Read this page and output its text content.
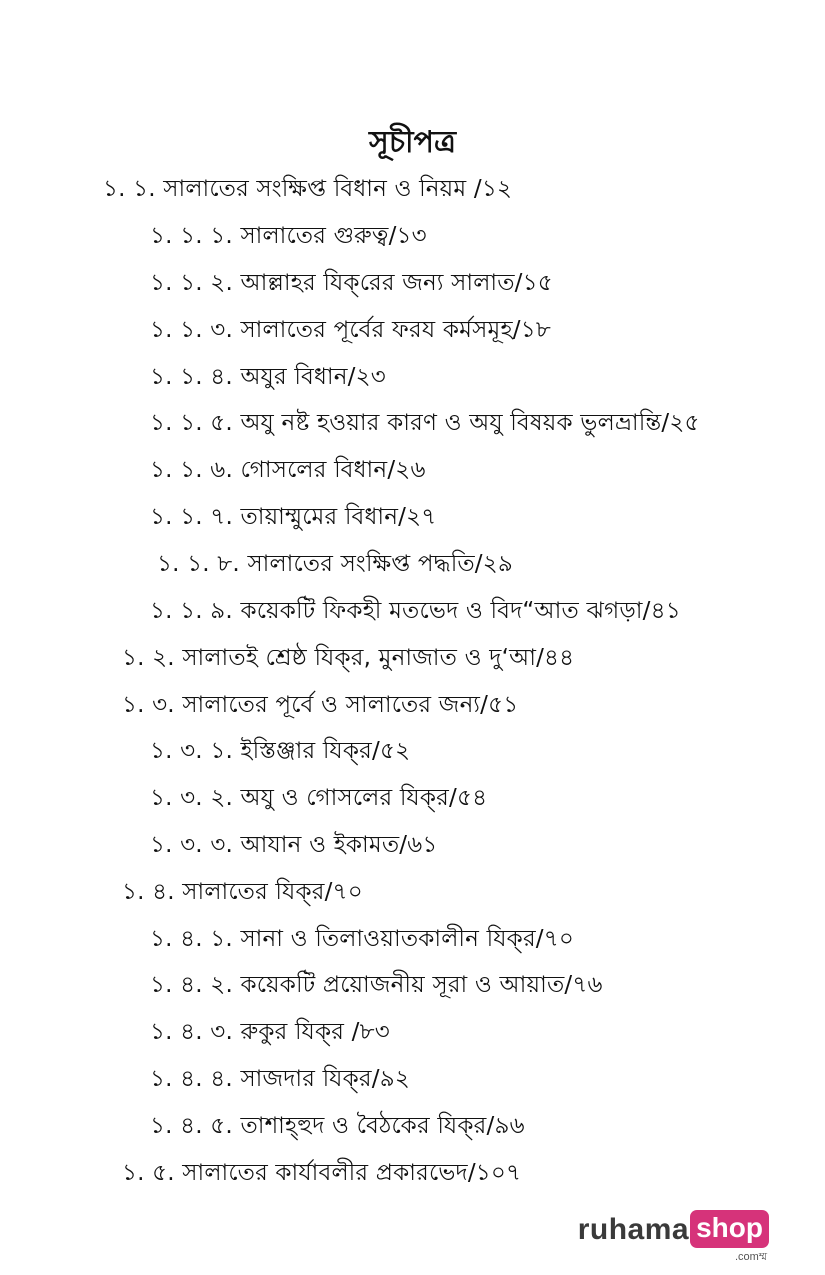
সূচীপত্র
১. ১. সালাতের সংক্ষিপ্ত বিধান ও নিয়ম /১২
১. ১. ১. সালাতের গুরুত্ব/১৩
১. ১. ২. আল্লাহর যিক্‌রের জন্য সালাত/১৫
১. ১. ৩. সালাতের পূর্বের ফরয কর্মসমূহ/১৮
১. ১. ৪. অযুর বিধান/২৩
১. ১. ৫. অযু নষ্ট হওয়ার কারণ ও অযু বিষয়ক ভুলভ্রান্তি/২৫
১. ১. ৬. গোসলের বিধান/২৬
১. ১. ৭. তায়াম্মুমের বিধান/২৭
১. ১. ৮. সালাতের সংক্ষিপ্ত পদ্ধতি/২৯
১. ১. ৯. কয়েকটি ফিকহী মতভেদ ও বিদ“আত ঝগড়া/৪১
১. ২. সালাতই শ্রেষ্ঠ যিক্‌র, মুনাজাত ও দু‘আ/৪৪
১. ৩. সালাতের পূর্বে ও সালাতের জন্য/৫১
১. ৩. ১. ইস্তিঞ্জার যিক্‌র/৫২
১. ৩. ২. অযু ও গোসলের যিক্‌র/৫৪
১. ৩. ৩. আযান ও ইকামত/৬১
১. ৪. সালাতের যিক্‌র/৭০
১. ৪. ১. সানা ও তিলাওয়াতকালীন যিক্‌র/৭০
১. ৪. ২. কয়েকটি প্রয়োজনীয় সূরা ও আয়াত/৭৬
১. ৪. ৩. রুকুর যিক্‌র /৮৩
১. ৪. ৪. সাজদার যিক্‌র/৯২
১. ৪. ৫. তাশাহ্‌হুদ ও বৈঠকের যিক্‌র/৯৬
১. ৫. সালাতের কার্যাবলীর প্রকারভেদ/১০৭
ruhama shop
.comম্ম
